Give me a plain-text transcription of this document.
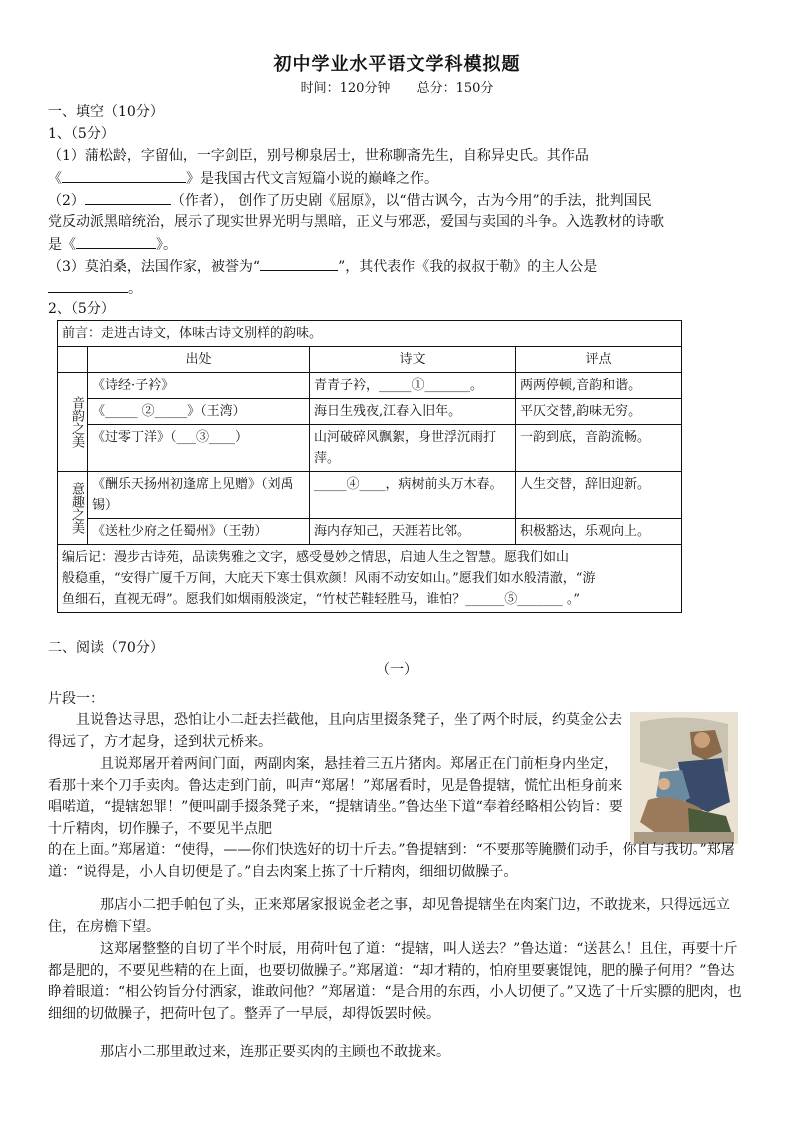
初中学业水平语文学科模拟题
时间：120分钟 总分：150分
一、填空（10分）
1、（5分）
（1）蒲松龄，字留仙，一字剑臣，别号柳泉居士，世称聊斋先生，自称异史氏。其作品
《	》是我国古代文言短篇小说的巅峰之作。
（2）	（作者）， 创作了历史剧《屈原》，以“借古讽今，古为今用”的手法，批判国民
党反动派黑暗统治，展示了现实世界光明与黑暗，正义与邪恶，爱国与卖国的斗争。入选教材的诗歌
是《	》。
（3）莫泊桑，法国作家，被誉为“	”，其代表作《我的叔叔于勒》的主人公是
。
2、（5分）
前言：走进古诗文，体味古诗文别样的韵味。			
	出处	诗文	评点
音韵之美	《诗经·子衿》	青青子衿，_____①_______。	两两停顿,音韵和谐。
	《_____ ②_____》（王湾）	海日生残夜,江春入旧年。	平仄交替,韵味无穷。
	《过零丁洋》（___③____）	山河破碎风飘絮，身世浮沉雨打萍。	一韵到底，音韵流畅。
意趣之美	《酬乐天扬州初逢席上见赠》（刘禹锡）	_____④____，病树前头万木春。	人生交替，辞旧迎新。
	《送杜少府之任蜀州》（王勃）	海内存知己，天涯若比邻。	积极豁达，乐观向上。

编后记：漫步古诗苑，品读隽雅之文字，感受曼妙之情思，启迪人生之智慧。愿我们如山
般稳重，“安得广厦千万间，大庇天下寒士俱欢颜！风雨不动安如山。”愿我们如水般清澈，“游
鱼细石，直视无碍”。愿我们如烟雨般淡定，“竹杖芒鞋轻胜马，谁怕？______⑤_______ 。”			
二、阅读（70分）
（一）
片段一：

且说鲁达寻思，恐怕让小二赶去拦截他，且向店里掇条凳子，坐了两个时辰，约莫金公去得远了，方才起身，迳到状元桥来。

且说郑屠开着两间门面，两副肉案，悬挂着三五片猪肉。郑屠正在门前柜身内坐定，看那十来个刀手卖肉。鲁达走到门前，叫声“郑屠！”郑屠看时，见是鲁提辖，慌忙出柜身前来唱喏道，“提辖恕罪！”便叫副手掇条凳子来，“提辖请坐。”鲁达坐下道“奉着经略相公钧旨：要十斤精肉，切作臊子，不要见半点肥

的在上面。”郑屠道：“使得，——你们快选好的切十斤去。”鲁提辖到：“不要那等腌臜们动手，你自与我切。”郑屠道：“说得是，小人自切便是了。”自去肉案上拣了十斤精肉，细细切做臊子。

那店小二把手帕包了头，正来郑屠家报说金老之事，却见鲁提辖坐在肉案门边，不敢拢来，只得远远立住，在房檐下望。

这郑屠整整的自切了半个时辰，用荷叶包了道：“提辖，叫人送去？”鲁达道：“送甚么！且住，再要十斤都是肥的，不要见些精的在上面，也要切做臊子。”郑屠道：“却才精的，怕府里要裹馄饨，肥的臊子何用？”鲁达睁着眼道：“相公钧旨分付洒家，谁敢问他？”郑屠道：“是合用的东西，小人切便了。”又选了十斤实膘的肥肉，也细细的切做臊子，把荷叶包了。整弄了一早辰，却得饭罢时候。

那店小二那里敢过来，连那正要买肉的主顾也不敢拢来。
